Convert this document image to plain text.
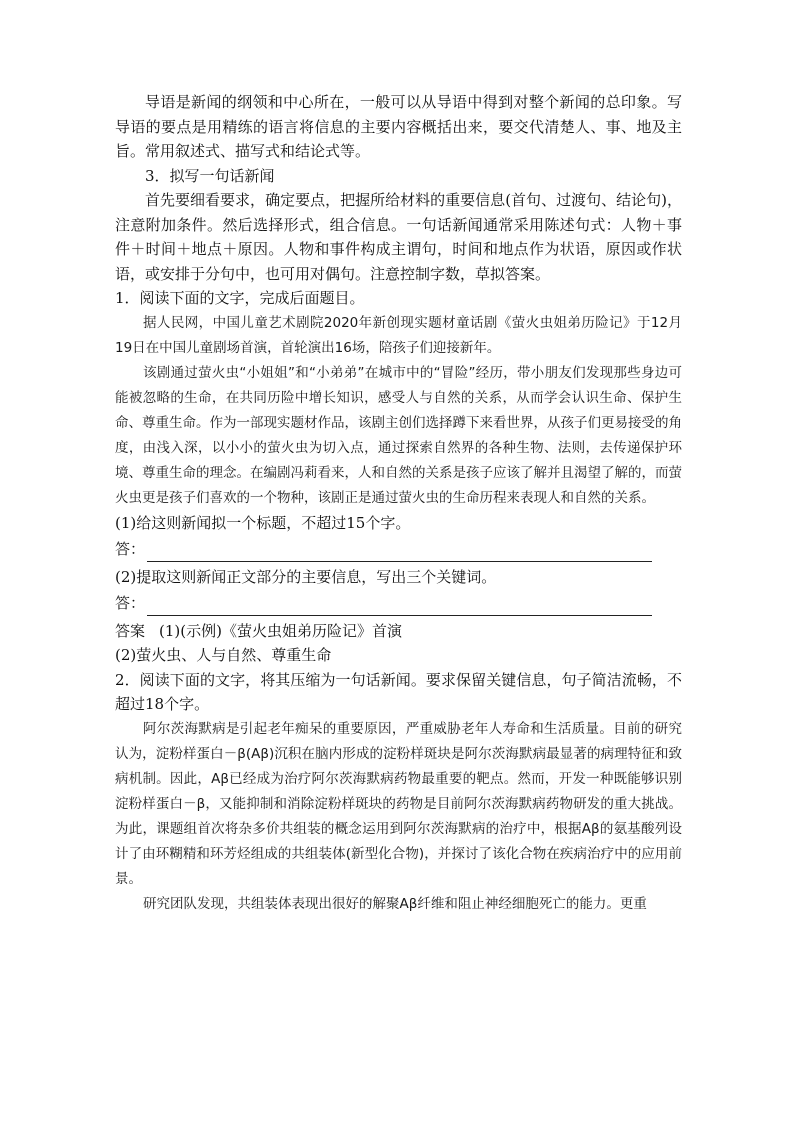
导语是新闻的纲领和中心所在，一般可以从导语中得到对整个新闻的总印象。写导语的要点是用精练的语言将信息的主要内容概括出来，要交代清楚人、事、地及主旨。常用叙述式、描写式和结论式等。

3．拟写一句话新闻

首先要细看要求，确定要点，把握所给材料的重要信息(首句、过渡句、结论句)，注意附加条件。然后选择形式，组合信息。一句话新闻通常采用陈述句式：人物＋事件＋时间＋地点＋原因。人物和事件构成主谓句，时间和地点作为状语，原因或作状语，或安排于分句中，也可用对偶句。注意控制字数，草拟答案。

1．阅读下面的文字，完成后面题目。

据人民网，中国儿童艺术剧院2020年新创现实题材童话剧《萤火虫姐弟历险记》于12月19日在中国儿童剧场首演，首轮演出16场，陪孩子们迎接新年。

该剧通过萤火虫“小姐姐”和“小弟弟”在城市中的“冒险”经历，带小朋友们发现那些身边可能被忽略的生命，在共同历险中增长知识，感受人与自然的关系，从而学会认识生命、保护生命、尊重生命。作为一部现实题材作品，该剧主创们选择蹲下来看世界，从孩子们更易接受的角度，由浅入深，以小小的萤火虫为切入点，通过探索自然界的各种生物、法则，去传递保护环境、尊重生命的理念。在编剧冯莉看来，人和自然的关系是孩子应该了解并且渴望了解的，而萤火虫更是孩子们喜欢的一个物种，该剧正是通过萤火虫的生命历程来表现人和自然的关系。

(1)给这则新闻拟一个标题，不超过15个字。

答：

(2)提取这则新闻正文部分的主要信息，写出三个关键词。

答：

答案 (1)(示例)《萤火虫姐弟历险记》首演

(2)萤火虫、人与自然、尊重生命

2．阅读下面的文字，将其压缩为一句话新闻。要求保留关键信息，句子简洁流畅，不超过18个字。

阿尔茨海默病是引起老年痴呆的重要原因，严重威胁老年人寿命和生活质量。目前的研究认为，淀粉样蛋白－β(Aβ)沉积在脑内形成的淀粉样斑块是阿尔茨海默病最显著的病理特征和致病机制。因此，Aβ已经成为治疗阿尔茨海默病药物最重要的靶点。然而，开发一种既能够识别淀粉样蛋白－β，又能抑制和消除淀粉样斑块的药物是目前阿尔茨海默病药物研发的重大挑战。为此，课题组首次将杂多价共组装的概念运用到阿尔茨海默病的治疗中，根据Aβ的氨基酸列设计了由环糊精和环芳烃组成的共组装体(新型化合物)，并探讨了该化合物在疾病治疗中的应用前景。

研究团队发现，共组装体表现出很好的解聚Aβ纤维和阻止神经细胞死亡的能力。更重
